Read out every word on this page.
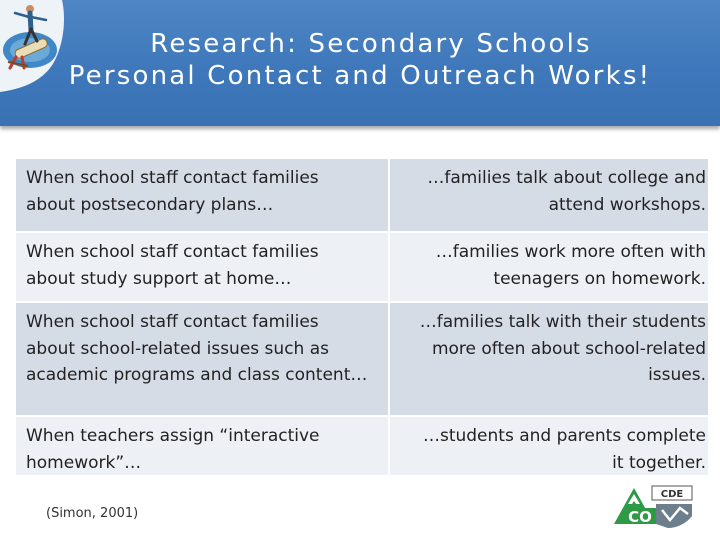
Research: Secondary Schools
Personal Contact and Outreach Works!
When school staff contact families
about postsecondary plans…
…families talk about college and
attend workshops.
When school staff contact families
about study support at home…
…families work more often with
teenagers on homework.
When school staff contact families
about school-related issues such as
academic programs and class content…
…families talk with their students
more often about school-related
issues.
When teachers assign “interactive
homework”…
…students and parents complete
it together.
(Simon, 2001)
CDE
CO
